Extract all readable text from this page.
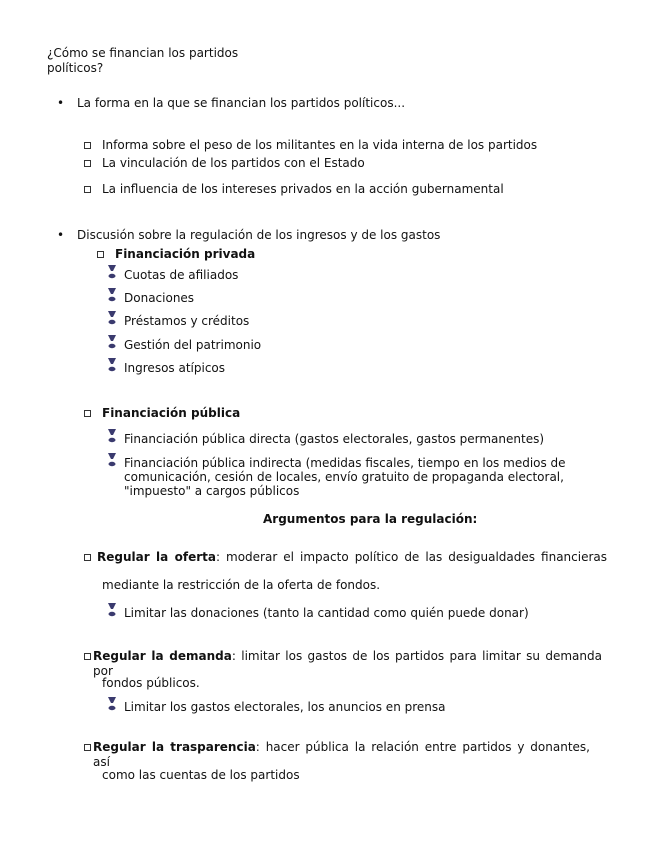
¿Cómo se financian los partidos políticos?
• La forma en la que se financian los partidos políticos...
Informa sobre el peso de los militantes en la vida interna de los partidos
La vinculación de los partidos con el Estado
La influencia de los intereses privados en la acción gubernamental
• Discusión sobre la regulación de los ingresos y de los gastos
Financiación privada
Cuotas de afiliados
Donaciones
Préstamos y créditos
Gestión del patrimonio
Ingresos atípicos
Financiación pública
Financiación pública directa (gastos electorales, gastos permanentes)
Financiación pública indirecta (medidas fiscales, tiempo en los medios de
comunicación, cesión de locales, envío gratuito de propaganda electoral,
"impuesto" a cargos públicos
Argumentos para la regulación:
Regular la oferta: moderar el impacto político de las desigualdades financieras
mediante la restricción de la oferta de fondos.
Limitar las donaciones (tanto la cantidad como quién puede donar)
Regular la demanda: limitar los gastos de los partidos para limitar su demanda por
fondos públicos.
Limitar los gastos electorales, los anuncios en prensa
Regular la trasparencia: hacer pública la relación entre partidos y donantes, así
como las cuentas de los partidos
